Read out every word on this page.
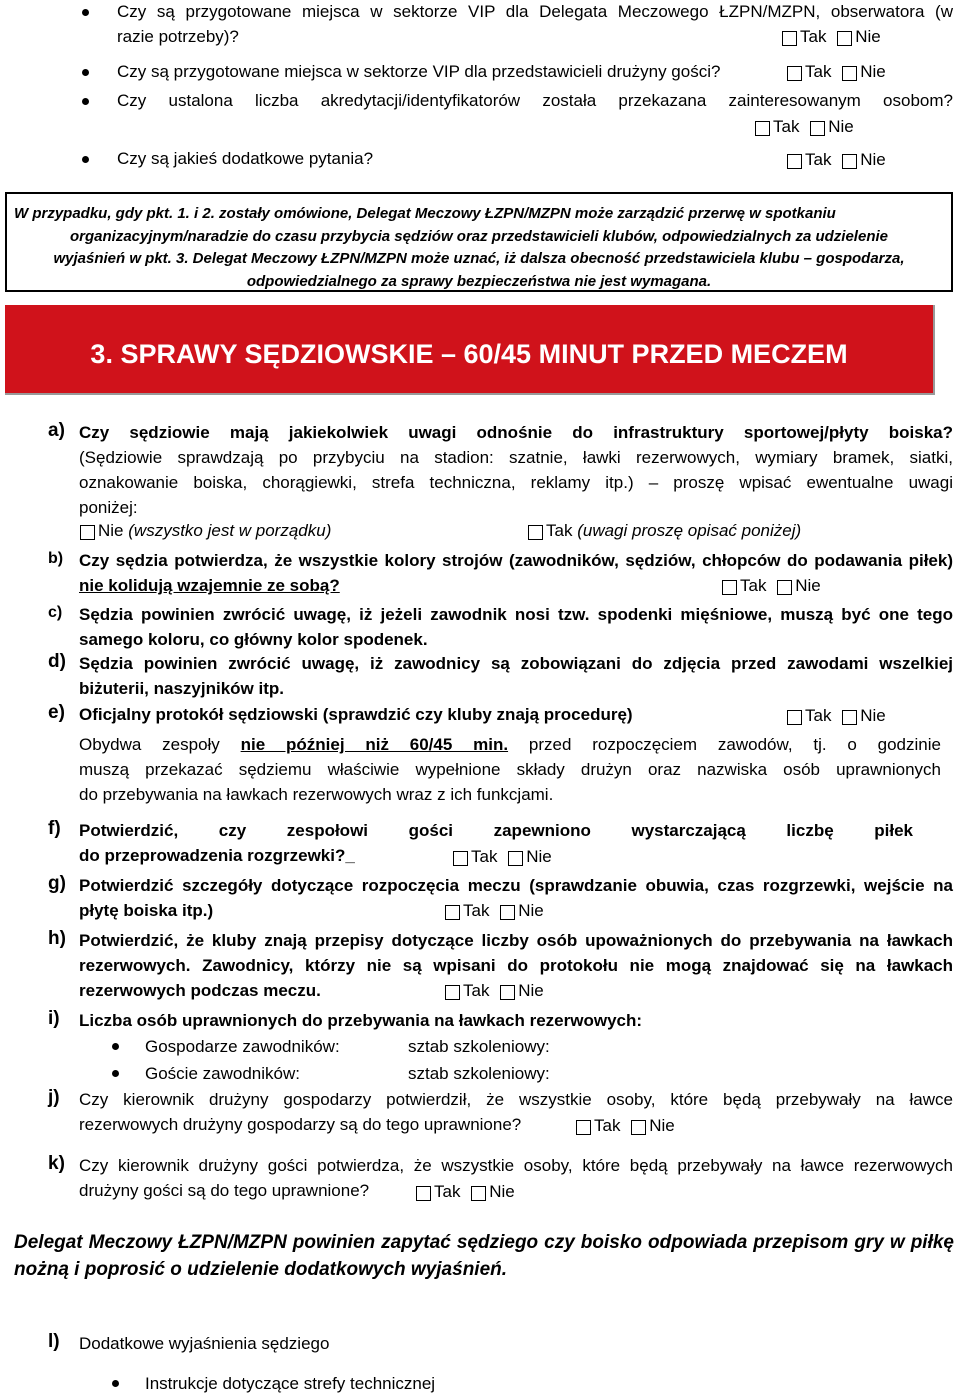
Czy są przygotowane miejsca w sektorze VIP dla Delegata Meczowego ŁZPN/MZPN, obserwatora (w
razie potrzeby)?	Tak Nie
Czy są przygotowane miejsca w sektorze VIP dla przedstawicieli drużyny gości?	Tak Nie
Czy ustalona liczba akredytacji/identyfikatorów została przekazana zainteresowanym osobom?
Tak Nie
Czy są jakieś dodatkowe pytania?	Tak Nie
W przypadku, gdy pkt. 1. i 2. zostały omówione, Delegat Meczowy ŁZPN/MZPN może zarządzić przerwę w spotkaniu
organizacyjnym/naradzie do czasu przybycia sędziów oraz przedstawicieli klubów, odpowiedzialnych za udzielenie
wyjaśnień w pkt. 3. Delegat Meczowy ŁZPN/MZPN może uznać, iż dalsza obecność przedstawiciela klubu – gospodarza,
odpowiedzialnego za sprawy bezpieczeństwa nie jest wymagana.
3. SPRAWY SĘDZIOWSKIE – 60/45 MINUT PRZED MECZEM
a) Czy sędziowie mają jakiekolwiek uwagi odnośnie do infrastruktury sportowej/płyty boiska?
(Sędziowie sprawdzają po przybyciu na stadion: szatnie, ławki rezerwowych, wymiary bramek, siatki,
oznakowanie boiska, chorągiewki, strefa techniczna, reklamy itp.) – proszę wpisać ewentualne uwagi
poniżej:
Nie (wszystko jest w porządku)	Tak (uwagi proszę opisać poniżej)
b) Czy sędzia potwierdza, że wszystkie kolory strojów (zawodników, sędziów, chłopców do podawania piłek)
nie kolidują wzajemnie ze sobą?	Tak Nie
c) Sędzia powinien zwrócić uwagę, iż jeżeli zawodnik nosi tzw. spodenki mięśniowe, muszą być one tego
samego koloru, co główny kolor spodenek.
d) Sędzia powinien zwrócić uwagę, iż zawodnicy są zobowiązani do zdjęcia przed zawodami wszelkiej
biżuterii, naszyjników itp.
e) Oficjalny protokół sędziowski (sprawdzić czy kluby znają procedurę)	Tak Nie
Obydwa zespoły nie później niż 60/45 min. przed rozpoczęciem zawodów, tj. o godzinie
muszą przekazać sędziemu właściwie wypełnione składy drużyn oraz nazwiska osób uprawnionych
do przebywania na ławkach rezerwowych wraz z ich funkcjami.
f) Potwierdzić, czy zespołowi gości zapewniono wystarczającą liczbę piłek
do przeprowadzenia rozgrzewki?_	Tak Nie
g) Potwierdzić szczegóły dotyczące rozpoczęcia meczu (sprawdzanie obuwia, czas rozgrzewki, wejście na
płytę boiska itp.)	Tak Nie
h) Potwierdzić, że kluby znają przepisy dotyczące liczby osób upoważnionych do przebywania na ławkach
rezerwowych. Zawodnicy, którzy nie są wpisani do protokołu nie mogą znajdować się na ławkach
rezerwowych podczas meczu.	Tak Nie
i) Liczba osób uprawnionych do przebywania na ławkach rezerwowych:
Gospodarze zawodników:	sztab szkoleniowy:
Goście zawodników:	sztab szkoleniowy:
j) Czy kierownik drużyny gospodarzy potwierdził, że wszystkie osoby, które będą przebywały na ławce
rezerwowych drużyny gospodarzy są do tego uprawnione?	Tak Nie
k) Czy kierownik drużyny gości potwierdza, że wszystkie osoby, które będą przebywały na ławce rezerwowych
drużyny gości są do tego uprawnione?	Tak Nie
Delegat Meczowy ŁZPN/MZPN powinien zapytać sędziego czy boisko odpowiada przepisom gry w piłkę
nożną i poprosić o udzielenie dodatkowych wyjaśnień.
l) Dodatkowe wyjaśnienia sędziego
Instrukcje dotyczące strefy technicznej
